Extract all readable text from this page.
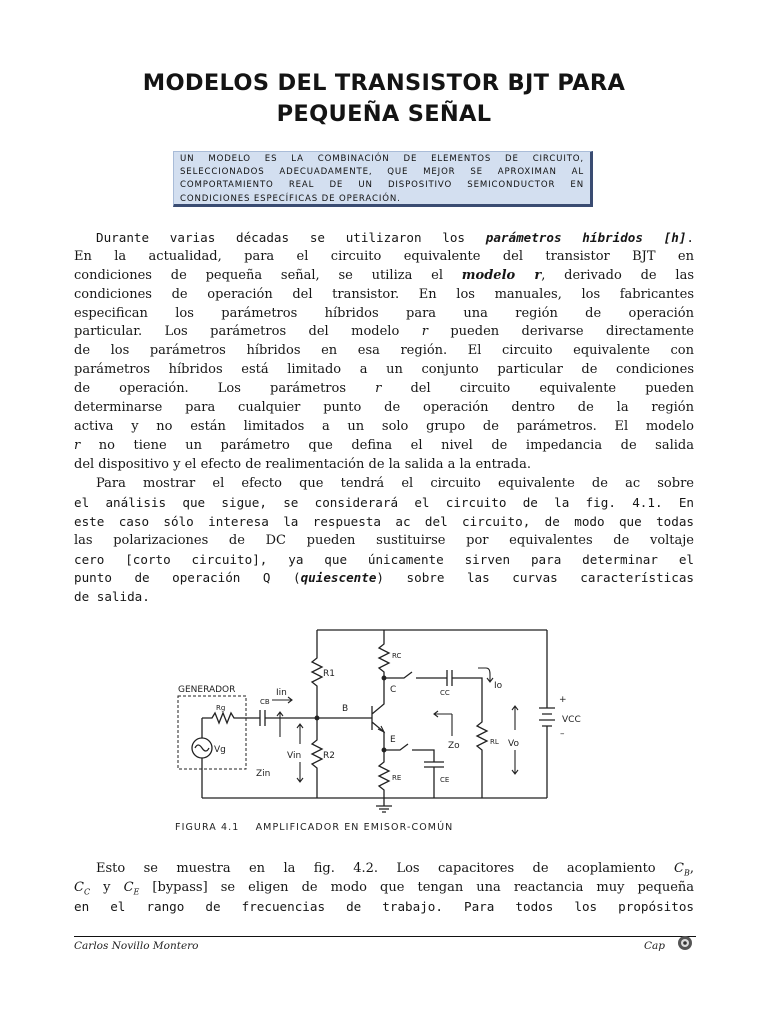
MODELOS DEL TRANSISTOR BJT PARA
PEQUEÑA SEÑAL
UN MODELO ES LA COMBINACIÓN DE ELEMENTOS DE CIRCUITO,
SELECCIONADOS ADECUADAMENTE, QUE MEJOR SE APROXIMAN AL
COMPORTAMIENTO REAL DE UN DISPOSITIVO SEMICONDUCTOR EN
CONDICIONES ESPECÍFICAS DE OPERACIÓN.
Durante varias décadas se utilizaron los parámetros híbridos [h].
En la actualidad, para el circuito equivalente del transistor BJT en
condiciones de pequeña señal, se utiliza el modelo r, derivado de las
condiciones de operación del transistor. En los manuales, los fabricantes
especifican los parámetros híbridos para una región de operación
particular. Los parámetros del modelo r pueden derivarse directamente
de los parámetros híbridos en esa región. El circuito equivalente con
parámetros híbridos está limitado a un conjunto particular de condiciones
de operación. Los parámetros r del circuito equivalente pueden
determinarse para cualquier punto de operación dentro de la región
activa y no están limitados a un solo grupo de parámetros. El modelo
r no tiene un parámetro que defina el nivel de impedancia de salida
del dispositivo y el efecto de realimentación de la salida a la entrada.
Para mostrar el efecto que tendrá el circuito equivalente de ac sobre
el análisis que sigue, se considerará el circuito de la fig. 4.1. En
este caso sólo interesa la respuesta ac del circuito, de modo que todas
las polarizaciones de DC pueden sustituirse por equivalentes de voltaje
cero [corto circuito], ya que únicamente sirven para determinar el
punto de operación Q (quiescente) sobre las curvas características
de salida.
GENERADOR
Rg
Vg
CB
Iin
Zin
Vin
R1
R2
B
RC
C	CC
Io
RL Vo
E
CE
RE
Zo
+
VCC
–
FIGURA 4.1 AMPLIFICADOR EN EMISOR-COMÚN
Esto se muestra en la fig. 4.2. Los capacitores de acoplamiento $C_B$,
$C_C$ y $C_E$ [bypass] se eligen de modo que tengan una reactancia muy pequeña
en el rango de frecuencias de trabajo. Para todos los propósitos
Carlos Novillo Montero	Cap
